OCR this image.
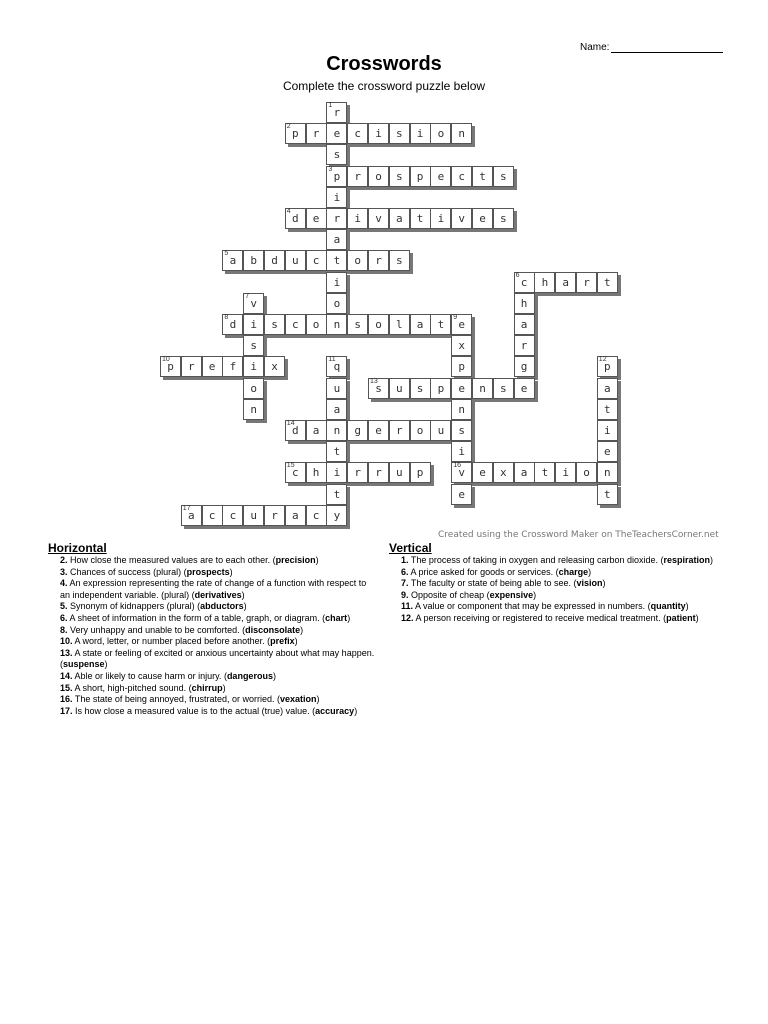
Name:
Crosswords
Complete the crossword puzzle below
r
1
p
2
r	e	c	i	s	i	o	n
s
p
3
r	o	s	p	e	c	t	s
i
d
4
e	r	i	v	a	t	i	v	e	s
a
a
5
b	d	u	c	t	o	r	s
i	c
6
h	a	r	t
v
7
o	h
d
8
i	s	c	o	n	s	o	l	a	t	e
9
a
s	x	r
p
10
r	e	f	i	x	q
11
p	g	p
12
o	u	s
13
u	s	p	e	n	s	e	a
n	a	n	t
d
14
a	n	g	e	r	o	u	s	i
t	i	e
c
15
h	i	r	r	u	p	v
16
e	x	a	t	i	o	n
t	e	t
a
17
c	c	u	r	a	c	y
Created using the Crossword Maker on TheTeachersCorner.net
Horizontal
2. How close the measured values are to each other. (precision)
3. Chances of success (plural) (prospects)
4. An expression representing the rate of change of a function with respect to an independent variable. (plural) (derivatives)
5. Synonym of kidnappers (plural) (abductors)
6. A sheet of information in the form of a table, graph, or diagram. (chart)
8. Very unhappy and unable to be comforted. (disconsolate)
10. A word, letter, or number placed before another. (prefix)
13. A state or feeling of excited or anxious uncertainty about what may happen. (suspense)
14. Able or likely to cause harm or injury. (dangerous)
15. A short, high-pitched sound. (chirrup)
16. The state of being annoyed, frustrated, or worried. (vexation)
17. Is how close a measured value is to the actual (true) value. (accuracy)
Vertical
1. The process of taking in oxygen and releasing carbon dioxide. (respiration)
6. A price asked for goods or services. (charge)
7. The faculty or state of being able to see. (vision)
9. Opposite of cheap (expensive)
11. A value or component that may be expressed in numbers. (quantity)
12. A person receiving or registered to receive medical treatment. (patient)
